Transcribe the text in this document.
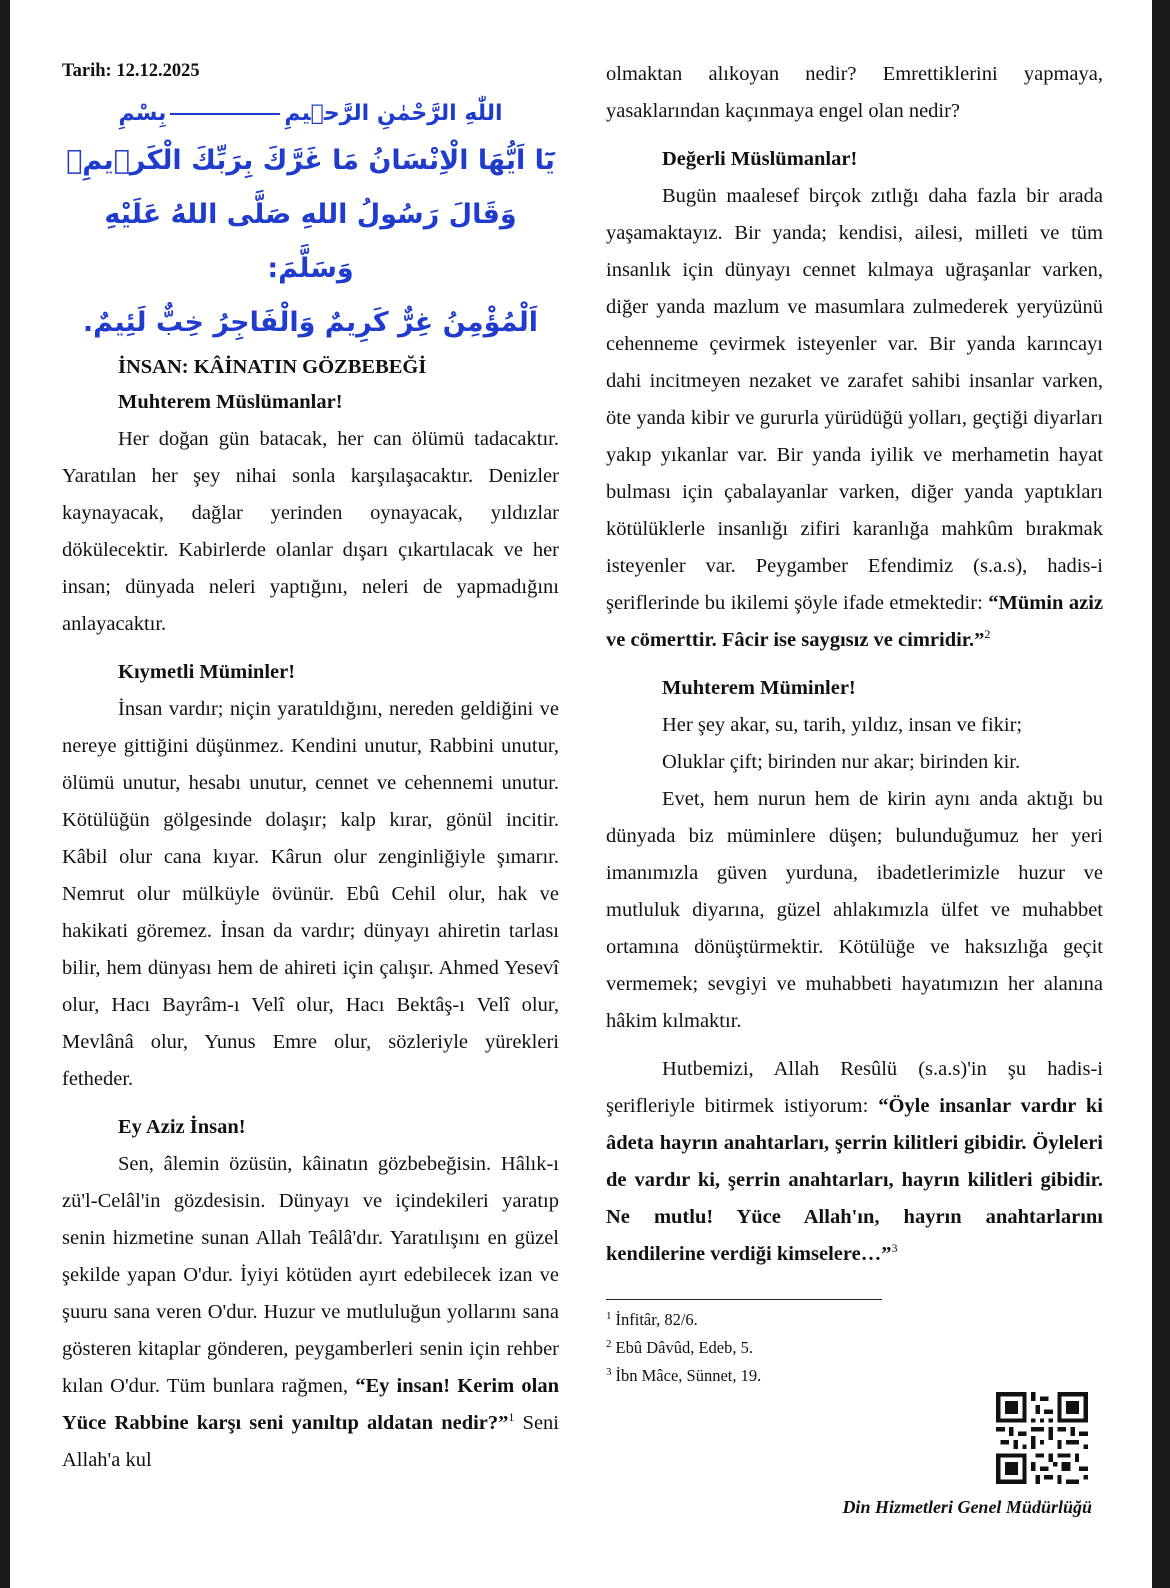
Tarih: 12.12.2025

اللّٰهِ الرَّحْمٰنِ الرَّح۪يمِبِسْمِ

يَٓا اَيُّهَا الْاِنْسَانُ مَا غَرَّكَ بِرَبِّكَ الْكَر۪يمِۙ

وَقَالَ رَسُولُ اللهِ صَلَّى اللهُ عَلَيْهِ وَسَلَّمَ:

اَلْمُؤْمِنُ غِرٌّ كَرِيمٌ وَالْفَاجِرُ خِبٌّ لَئِيمٌ.

İNSAN: KÂİNATIN GÖZBEBEĞİ

Muhterem Müslümanlar!

Her doğan gün batacak, her can ölümü tadacaktır. Yaratılan her şey nihai sonla karşılaşacaktır. Denizler kaynayacak, dağlar yerinden oynayacak, yıldızlar dökülecektir. Kabirlerde olanlar dışarı çıkartılacak ve her insan; dünyada neleri yaptığını, neleri de yapmadığını anlayacaktır.

Kıymetli Müminler!

İnsan vardır; niçin yaratıldığını, nereden geldiğini ve nereye gittiğini düşünmez. Kendini unutur, Rabbini unutur, ölümü unutur, hesabı unutur, cennet ve cehennemi unutur. Kötülüğün gölgesinde dolaşır; kalp kırar, gönül incitir. Kâbil olur cana kıyar. Kârun olur zenginliğiyle şımarır. Nemrut olur mülküyle övünür. Ebû Cehil olur, hak ve hakikati göremez. İnsan da vardır; dünyayı ahiretin tarlası bilir, hem dünyası hem de ahireti için çalışır. Ahmed Yesevî olur, Hacı Bayrâm-ı Velî olur, Hacı Bektâş-ı Velî olur, Mevlânâ olur, Yunus Emre olur, sözleriyle yürekleri fetheder.

Ey Aziz İnsan!

Sen, âlemin özüsün, kâinatın gözbebeğisin. Hâlık-ı zü'l-Celâl'in gözdesisin. Dünyayı ve içindekileri yaratıp senin hizmetine sunan Allah Teâlâ'dır. Yaratılışını en güzel şekilde yapan O'dur. İyiyi kötüden ayırt edebilecek izan ve şuuru sana veren O'dur. Huzur ve mutluluğun yollarını sana gösteren kitaplar gönderen, peygamberleri senin için rehber kılan O'dur. Tüm bunlara rağmen, “Ey insan! Kerim olan Yüce Rabbine karşı seni yanıltıp aldatan nedir?”$^1$ Seni Allah'a kul

olmaktan alıkoyan nedir? Emrettiklerini yapmaya, yasaklarından kaçınmaya engel olan nedir?

Değerli Müslümanlar!

Bugün maalesef birçok zıtlığı daha fazla bir arada yaşamaktayız. Bir yanda; kendisi, ailesi, milleti ve tüm insanlık için dünyayı cennet kılmaya uğraşanlar varken, diğer yanda mazlum ve masumlara zulmederek yeryüzünü cehenneme çevirmek isteyenler var. Bir yanda karıncayı dahi incitmeyen nezaket ve zarafet sahibi insanlar varken, öte yanda kibir ve gururla yürüdüğü yolları, geçtiği diyarları yakıp yıkanlar var. Bir yanda iyilik ve merhametin hayat bulması için çabalayanlar varken, diğer yanda yaptıkları kötülüklerle insanlığı zifiri karanlığa mahkûm bırakmak isteyenler var. Peygamber Efendimiz (s.a.s), hadis-i şeriflerinde bu ikilemi şöyle ifade etmektedir: “Mümin aziz ve cömerttir. Fâcir ise saygısız ve cimridir.”$^2$

Muhterem Müminler!

Her şey akar, su, tarih, yıldız, insan ve fikir;

Oluklar çift; birinden nur akar; birinden kir.

Evet, hem nurun hem de kirin aynı anda aktığı bu dünyada biz müminlere düşen; bulunduğumuz her yeri imanımızla güven yurduna, ibadetlerimizle huzur ve mutluluk diyarına, güzel ahlakımızla ülfet ve muhabbet ortamına dönüştürmektir. Kötülüğe ve haksızlığa geçit vermemek; sevgiyi ve muhabbeti hayatımızın her alanına hâkim kılmaktır.

Hutbemizi, Allah Resûlü (s.a.s)'in şu hadis-i şerifleriyle bitirmek istiyorum: “Öyle insanlar vardır ki âdeta hayrın anahtarları, şerrin kilitleri gibidir. Öyleleri de vardır ki, şerrin anahtarları, hayrın kilitleri gibidir. Ne mutlu! Yüce Allah'ın, hayrın anahtarlarını kendilerine verdiği kimselere…”$^3$

$^1$ İnfitâr, 82/6.

$^2$ Ebû Dâvûd, Edeb, 5.

$^3$ İbn Mâce, Sünnet, 19.

Din Hizmetleri Genel Müdürlüğü
